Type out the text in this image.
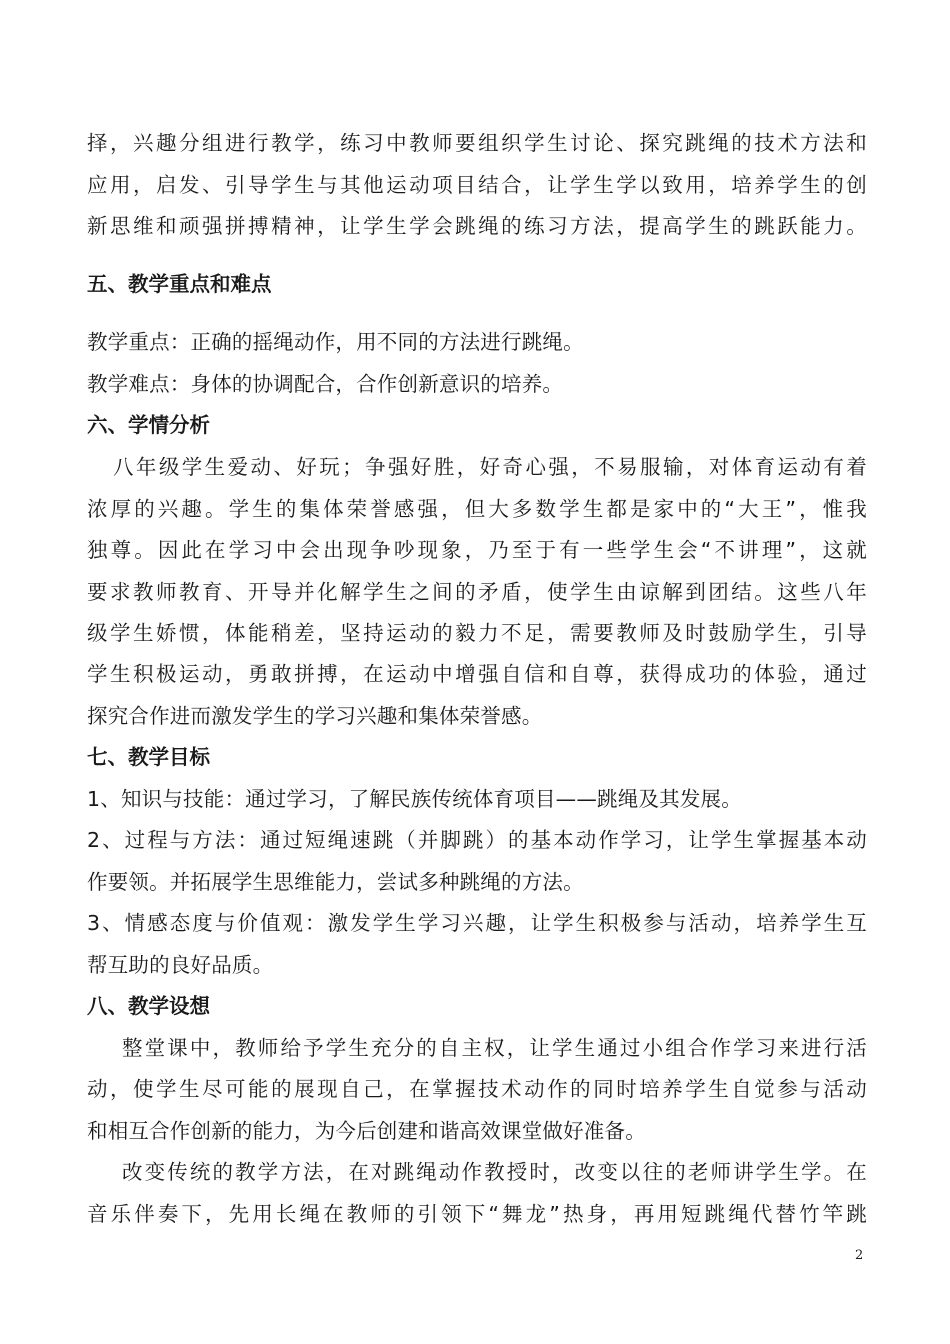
择，兴趣分组进行教学，练习中教师要组织学生讨论、探究跳绳的技术方法和
应用，启发、引导学生与其他运动项目结合，让学生学以致用，培养学生的创
新思维和顽强拼搏精神，让学生学会跳绳的练习方法，提高学生的跳跃能力。
五、教学重点和难点
教学重点：正确的摇绳动作，用不同的方法进行跳绳。
教学难点：身体的协调配合，合作创新意识的培养。
六、学情分析
八年级学生爱动、好玩；争强好胜，好奇心强，不易服输，对体育运动有着
浓厚的兴趣。学生的集体荣誉感强，但大多数学生都是家中的“大王”，惟我
独尊。因此在学习中会出现争吵现象，乃至于有一些学生会“不讲理”，这就
要求教师教育、开导并化解学生之间的矛盾，使学生由谅解到团结。这些八年
级学生娇惯，体能稍差，坚持运动的毅力不足，需要教师及时鼓励学生，引导
学生积极运动，勇敢拼搏，在运动中增强自信和自尊，获得成功的体验，通过
探究合作进而激发学生的学习兴趣和集体荣誉感。
七、教学目标
1、知识与技能：通过学习，了解民族传统体育项目——跳绳及其发展。
2、过程与方法：通过短绳速跳（并脚跳）的基本动作学习，让学生掌握基本动
作要领。并拓展学生思维能力，尝试多种跳绳的方法。
3、情感态度与价值观：激发学生学习兴趣，让学生积极参与活动，培养学生互
帮互助的良好品质。
八、教学设想
整堂课中，教师给予学生充分的自主权，让学生通过小组合作学习来进行活
动，使学生尽可能的展现自己，在掌握技术动作的同时培养学生自觉参与活动
和相互合作创新的能力，为今后创建和谐高效课堂做好准备。
改变传统的教学方法，在对跳绳动作教授时，改变以往的老师讲学生学。在
音乐伴奏下，先用长绳在教师的引领下“舞龙”热身，再用短跳绳代替竹竿跳
2
